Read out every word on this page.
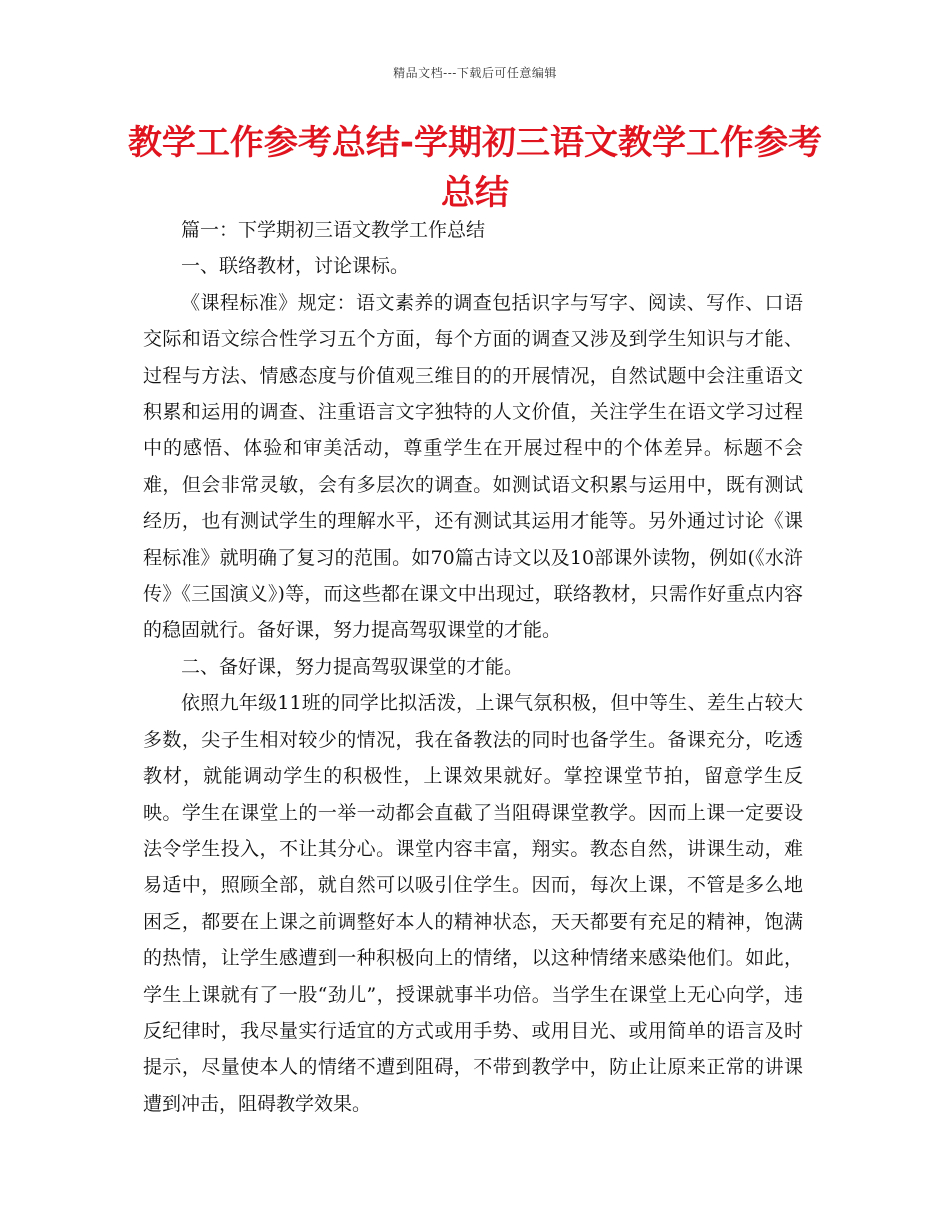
精品文档---下载后可任意编辑
教学工作参考总结-学期初三语文教学工作参考总结

篇一：下学期初三语文教学工作总结

一、联络教材，讨论课标。

《课程标准》规定：语文素养的调查包括识字与写字、阅读、写作、口语交际和语文综合性学习五个方面，每个方面的调查又涉及到学生知识与才能、过程与方法、情感态度与价值观三维目的的开展情况，自然试题中会注重语文积累和运用的调查、注重语言文字独特的人文价值，关注学生在语文学习过程中的感悟、体验和审美活动，尊重学生在开展过程中的个体差异。标题不会难，但会非常灵敏，会有多层次的调查。如测试语文积累与运用中，既有测试经历，也有测试学生的理解水平，还有测试其运用才能等。另外通过讨论《课程标准》就明确了复习的范围。如70篇古诗文以及10部课外读物，例如(《水浒传》《三国演义》)等，而这些都在课文中出现过，联络教材，只需作好重点内容的稳固就行。备好课，努力提高驾驭课堂的才能。

二、备好课，努力提高驾驭课堂的才能。

依照九年级11班的同学比拟活泼，上课气氛积极，但中等生、差生占较大多数，尖子生相对较少的情况，我在备教法的同时也备学生。备课充分，吃透教材，就能调动学生的积极性，上课效果就好。掌控课堂节拍，留意学生反映。学生在课堂上的一举一动都会直截了当阻碍课堂教学。因而上课一定要设法令学生投入，不让其分心。课堂内容丰富，翔实。教态自然，讲课生动，难易适中，照顾全部，就自然可以吸引住学生。因而，每次上课，不管是多么地困乏，都要在上课之前调整好本人的精神状态，天天都要有充足的精神，饱满的热情，让学生感遭到一种积极向上的情绪，以这种情绪来感染他们。如此，学生上课就有了一股“劲儿”，授课就事半功倍。当学生在课堂上无心向学，违反纪律时，我尽量实行适宜的方式或用手势、或用目光、或用简单的语言及时提示，尽量使本人的情绪不遭到阻碍，不带到教学中，防止让原来正常的讲课遭到冲击，阻碍教学效果。
